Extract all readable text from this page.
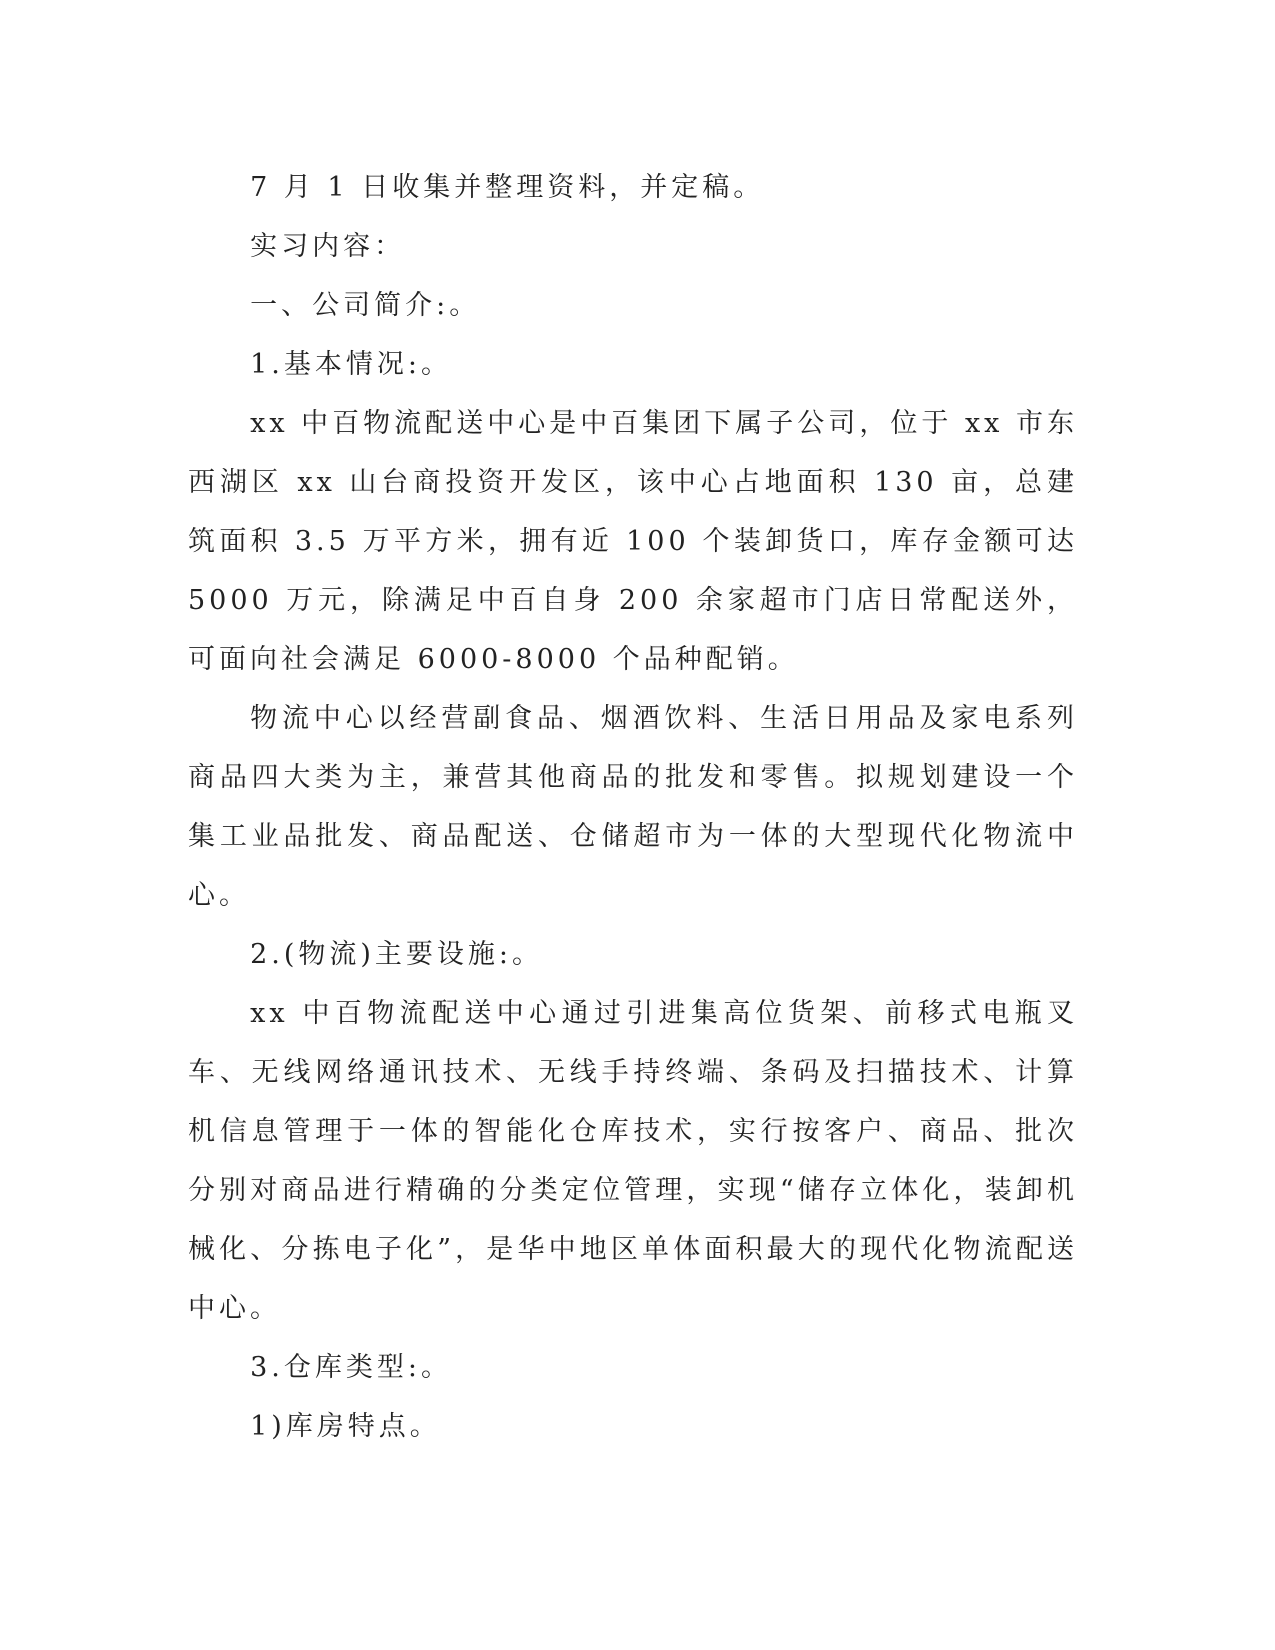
7 月 1 日收集并整理资料，并定稿。

实习内容：

一、公司简介:。

1.基本情况:。

xx 中百物流配送中心是中百集团下属子公司，位于 xx 市东西湖区 xx 山台商投资开发区，该中心占地面积 130 亩，总建筑面积 3.5 万平方米，拥有近 100 个装卸货口，库存金额可达 5000 万元，除满足中百自身 200 余家超市门店日常配送外，可面向社会满足 6000-8000 个品种配销。

物流中心以经营副食品、烟酒饮料、生活日用品及家电系列商品四大类为主，兼营其他商品的批发和零售。拟规划建设一个集工业品批发、商品配送、仓储超市为一体的大型现代化物流中心。

2.(物流)主要设施:。

xx 中百物流配送中心通过引进集高位货架、前移式电瓶叉车、无线网络通讯技术、无线手持终端、条码及扫描技术、计算机信息管理于一体的智能化仓库技术，实行按客户、商品、批次分别对商品进行精确的分类定位管理，实现“储存立体化，装卸机械化、分拣电子化”，是华中地区单体面积最大的现代化物流配送中心。

3.仓库类型:。

1)库房特点。
